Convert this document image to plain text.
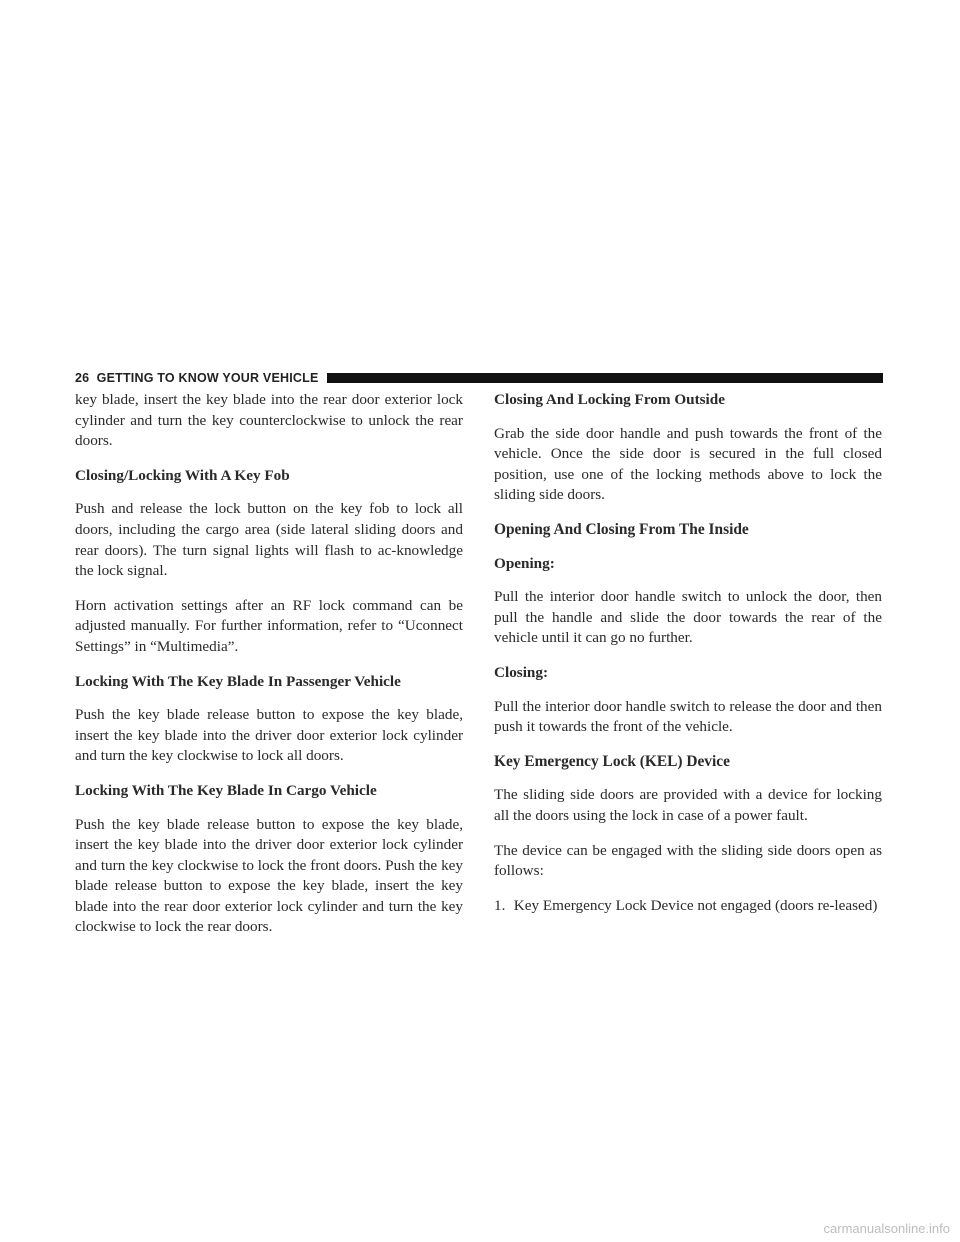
26 GETTING TO KNOW YOUR VEHICLE

key blade, insert the key blade into the rear door exterior lock cylinder and turn the key counterclockwise to unlock the rear doors.

Closing/Locking With A Key Fob

Push and release the lock button on the key fob to lock all doors, including the cargo area (side lateral sliding doors and rear doors). The turn signal lights will flash to ac-knowledge the lock signal.

Horn activation settings after an RF lock command can be adjusted manually. For further information, refer to “Uconnect Settings” in “Multimedia”.

Locking With The Key Blade In Passenger Vehicle

Push the key blade release button to expose the key blade, insert the key blade into the driver door exterior lock cylinder and turn the key clockwise to lock all doors.

Locking With The Key Blade In Cargo Vehicle

Push the key blade release button to expose the key blade, insert the key blade into the driver door exterior lock cylinder and turn the key clockwise to lock the front doors. Push the key blade release button to expose the key blade, insert the key blade into the rear door exterior lock cylinder and turn the key clockwise to lock the rear doors.

Closing And Locking From Outside

Grab the side door handle and push towards the front of the vehicle. Once the side door is secured in the full closed position, use one of the locking methods above to lock the sliding side doors.

Opening And Closing From The Inside
Opening:

Pull the interior door handle switch to unlock the door, then pull the handle and slide the door towards the rear of the vehicle until it can go no further.

Closing:

Pull the interior door handle switch to release the door and then push it towards the front of the vehicle.

Key Emergency Lock (KEL) Device

The sliding side doors are provided with a device for locking all the doors using the lock in case of a power fault.

The device can be engaged with the sliding side doors open as follows:

1. Key Emergency Lock Device not engaged (doors re-leased)
carmanualsonline.info
